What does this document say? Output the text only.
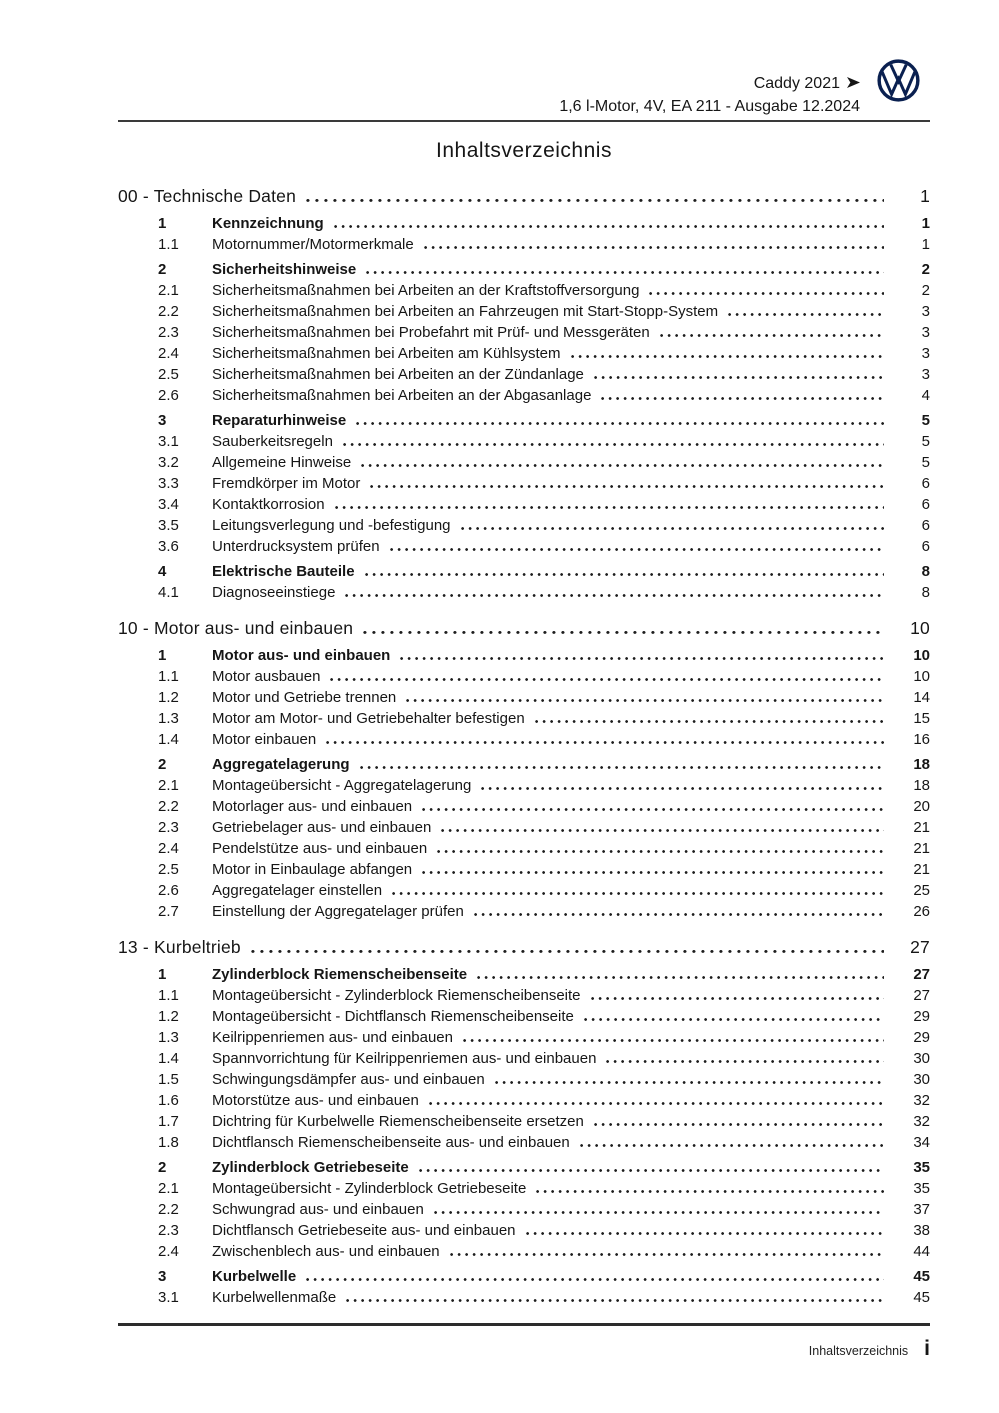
Caddy 2021
1,6 l-Motor, 4V, EA 211 - Ausgabe 12.2024
Inhaltsverzeichnis
00 - Technische Daten	1
1	Kennzeichnung	1
1.1	Motornummer/Motormerkmale	1
2	Sicherheitshinweise	2
2.1	Sicherheitsmaßnahmen bei Arbeiten an der Kraftstoffversorgung	2
2.2	Sicherheitsmaßnahmen bei Arbeiten an Fahrzeugen mit Start-Stopp-System	3
2.3	Sicherheitsmaßnahmen bei Probefahrt mit Prüf- und Messgeräten	3
2.4	Sicherheitsmaßnahmen bei Arbeiten am Kühlsystem	3
2.5	Sicherheitsmaßnahmen bei Arbeiten an der Zündanlage	3
2.6	Sicherheitsmaßnahmen bei Arbeiten an der Abgasanlage	4
3	Reparaturhinweise	5
3.1	Sauberkeitsregeln	5
3.2	Allgemeine Hinweise	5
3.3	Fremdkörper im Motor	6
3.4	Kontaktkorrosion	6
3.5	Leitungsverlegung und -befestigung	6
3.6	Unterdrucksystem prüfen	6
4	Elektrische Bauteile	8
4.1	Diagnoseeinstiege	8
10 - Motor aus- und einbauen	10
1	Motor aus- und einbauen	10
1.1	Motor ausbauen	10
1.2	Motor und Getriebe trennen	14
1.3	Motor am Motor- und Getriebehalter befestigen	15
1.4	Motor einbauen	16
2	Aggregatelagerung	18
2.1	Montageübersicht - Aggregatelagerung	18
2.2	Motorlager aus- und einbauen	20
2.3	Getriebelager aus- und einbauen	21
2.4	Pendelstütze aus- und einbauen	21
2.5	Motor in Einbaulage abfangen	21
2.6	Aggregatelager einstellen	25
2.7	Einstellung der Aggregatelager prüfen	26
13 - Kurbeltrieb	27
1	Zylinderblock Riemenscheibenseite	27
1.1	Montageübersicht - Zylinderblock Riemenscheibenseite	27
1.2	Montageübersicht - Dichtflansch Riemenscheibenseite	29
1.3	Keilrippenriemen aus- und einbauen	29
1.4	Spannvorrichtung für Keilrippenriemen aus- und einbauen	30
1.5	Schwingungsdämpfer aus- und einbauen	30
1.6	Motorstütze aus- und einbauen	32
1.7	Dichtring für Kurbelwelle Riemenscheibenseite ersetzen	32
1.8	Dichtflansch Riemenscheibenseite aus- und einbauen	34
2	Zylinderblock Getriebeseite	35
2.1	Montageübersicht - Zylinderblock Getriebeseite	35
2.2	Schwungrad aus- und einbauen	37
2.3	Dichtflansch Getriebeseite aus- und einbauen	38
2.4	Zwischenblech aus- und einbauen	44
3	Kurbelwelle	45
3.1	Kurbelwellenmaße	45
Inhaltsverzeichnis i
